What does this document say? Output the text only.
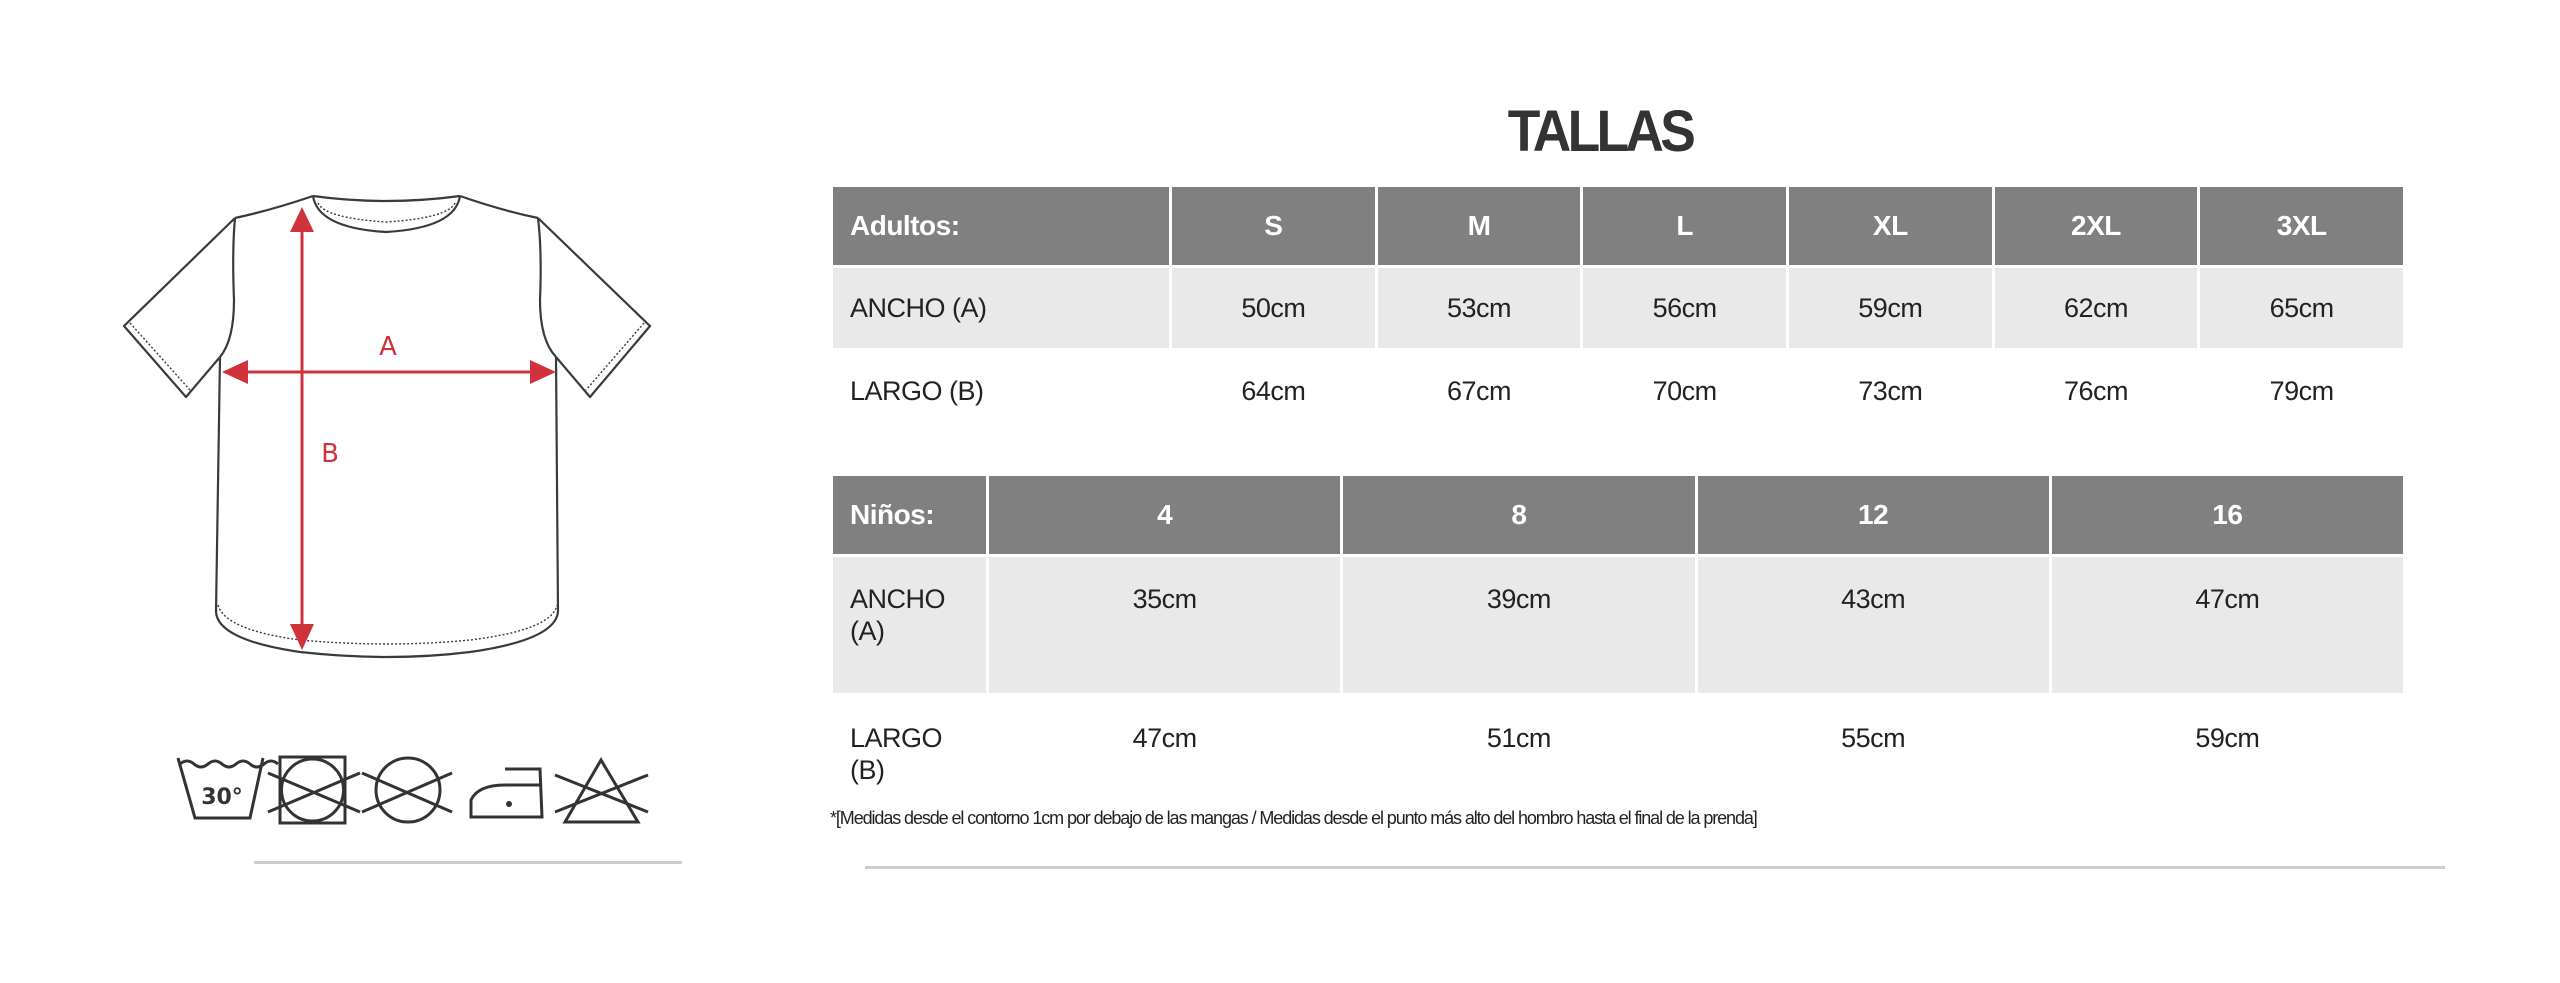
A
B
30°
TALLAS
Adultos:	S	M	L	XL	2XL	3XL
ANCHO (A)	50cm	53cm	56cm	59cm	62cm	65cm
LARGO (B)	64cm	67cm	70cm	73cm	76cm	79cm
Niños:	4	8	12	16
ANCHO (A)	35cm	39cm	43cm	47cm
LARGO (B)	47cm	51cm	55cm	59cm
*[Medidas desde el contorno 1cm por debajo de las mangas / Medidas desde el punto más alto del hombro hasta el final de la prenda]
